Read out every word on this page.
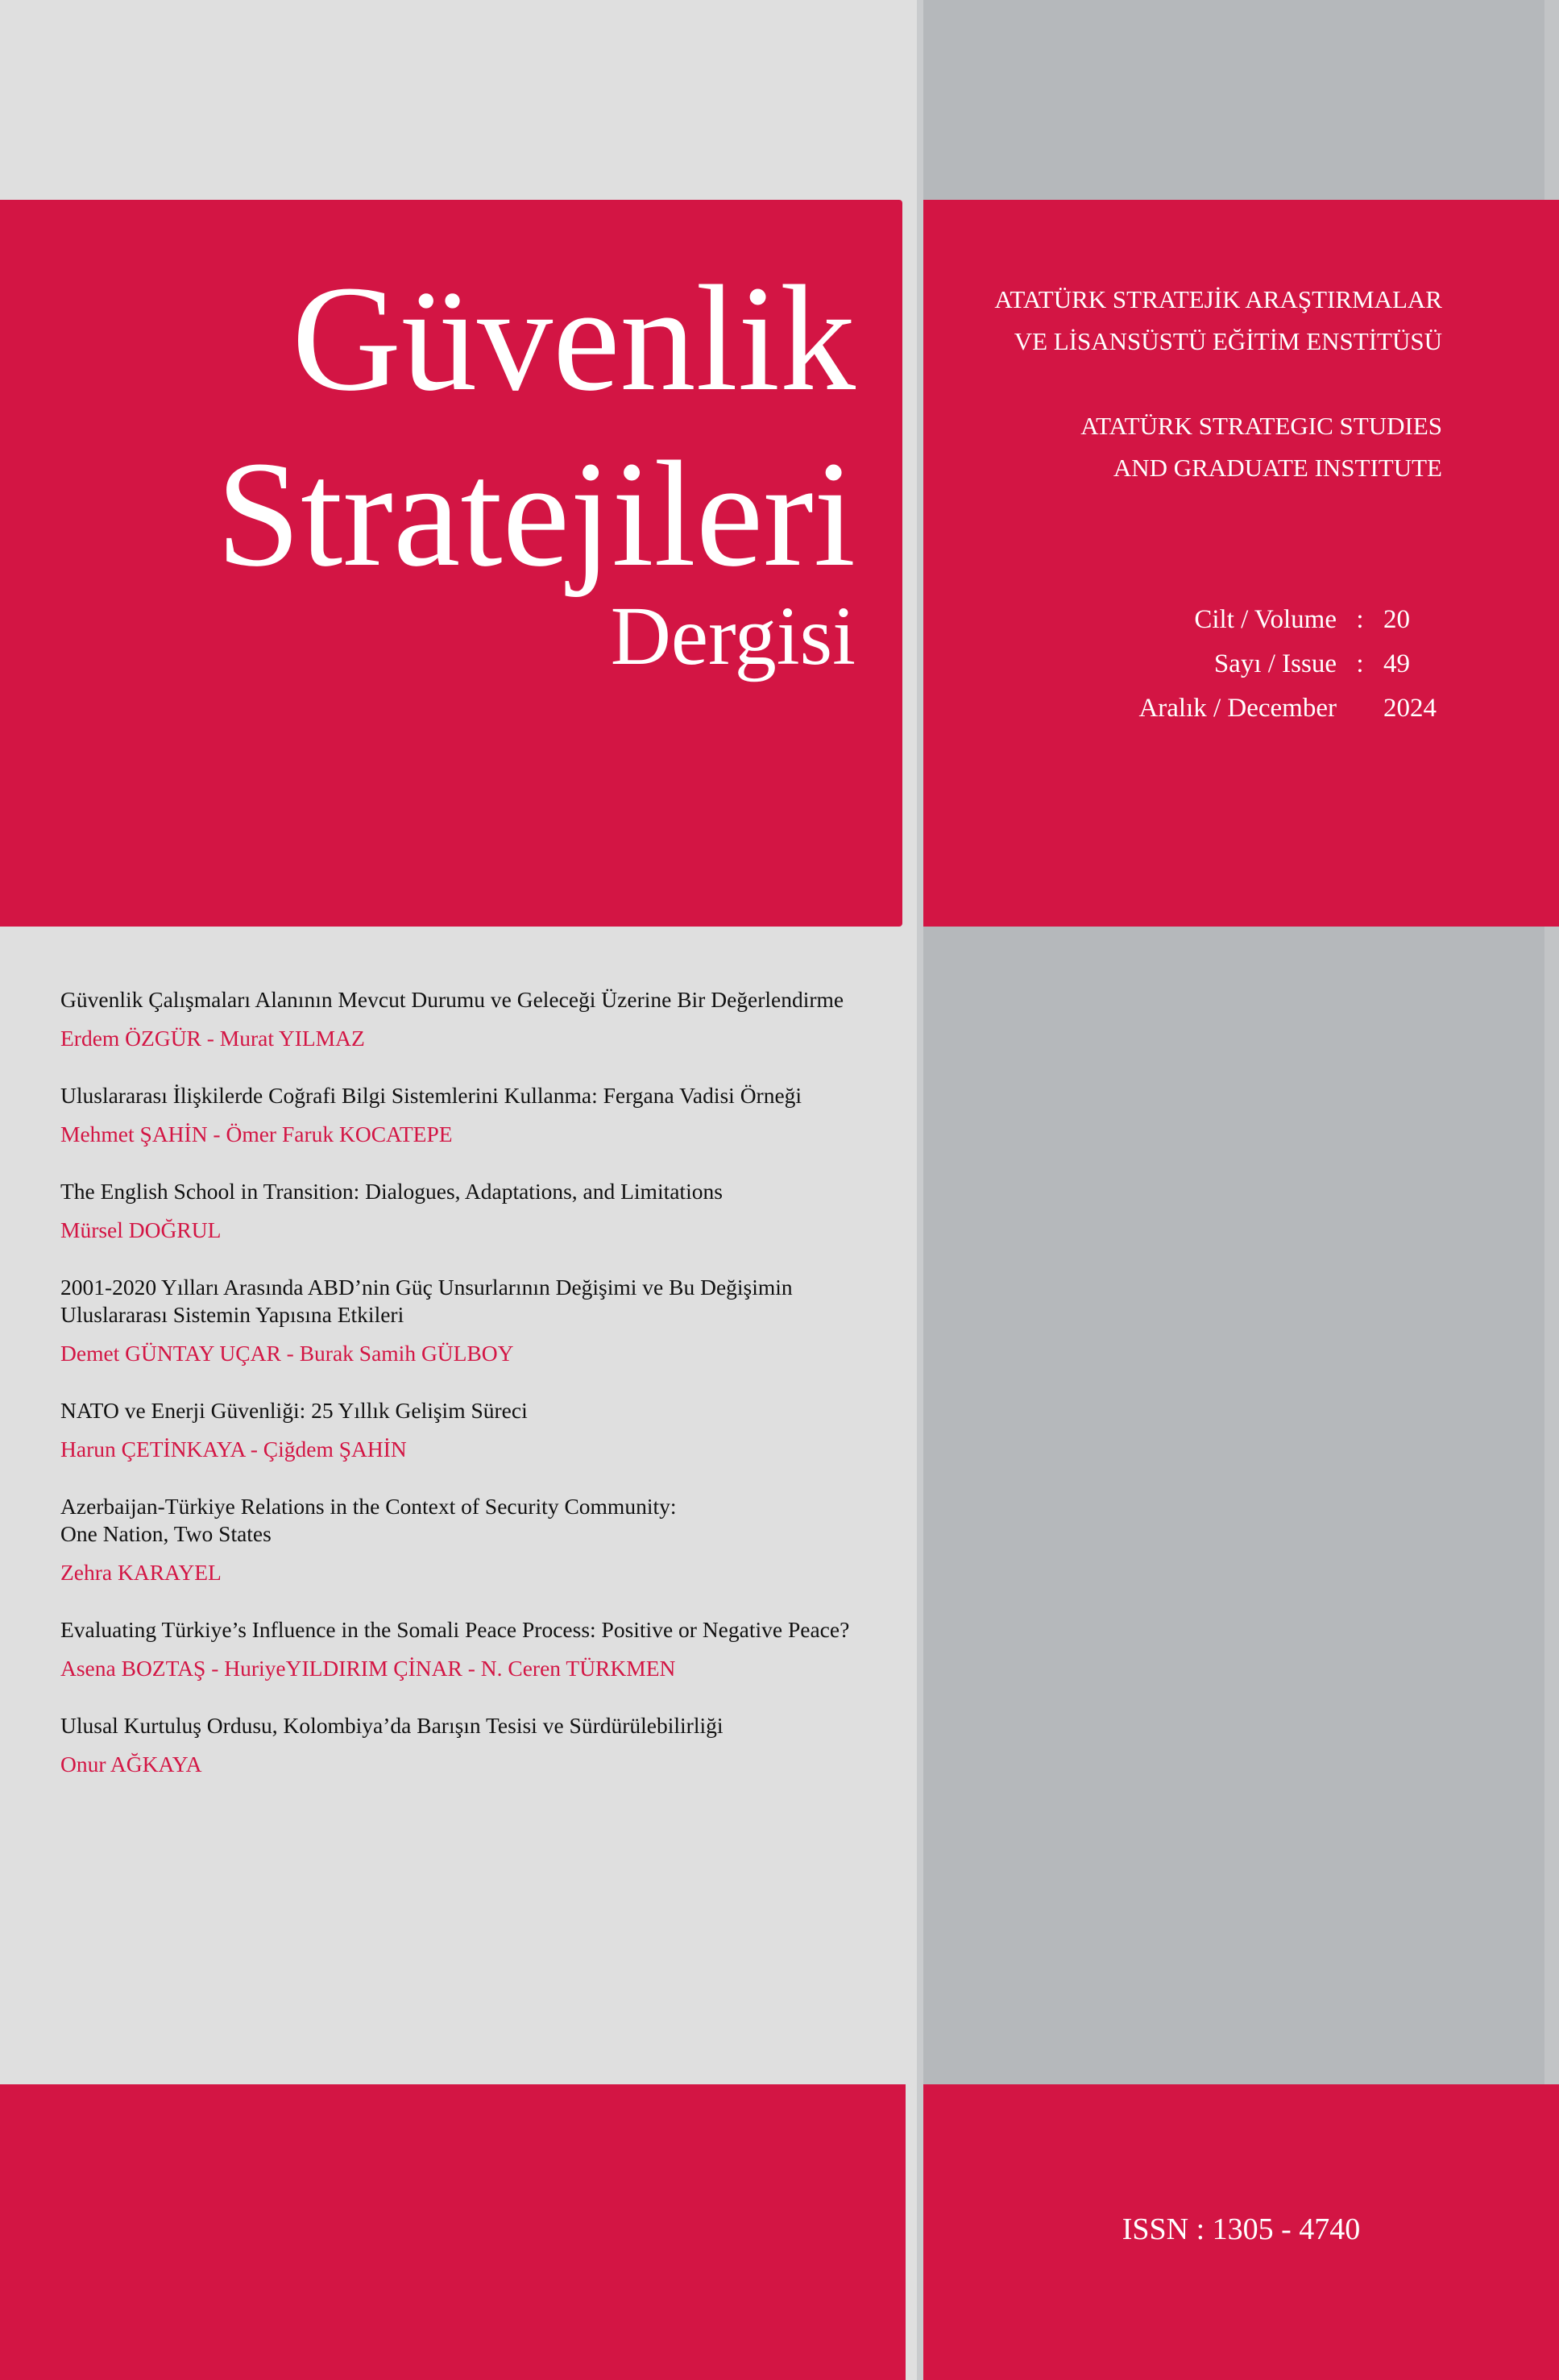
Güvenlik
Stratejileri
Dergisi
ATATÜRK STRATEJİK ARAŞTIRMALAR
VE LİSANSÜSTÜ EĞİTİM ENSTİTÜSÜ
ATATÜRK STRATEGIC STUDIES
AND GRADUATE INSTITUTE
Cilt / Volume	:	20
Sayı / Issue	:	49
Aralık / December		2024
Güvenlik Çalışmaları Alanının Mevcut Durumu ve Geleceği Üzerine Bir Değerlendirme
Erdem ÖZGÜR - Murat YILMAZ
Uluslararası İlişkilerde Coğrafi Bilgi Sistemlerini Kullanma: Fergana Vadisi Örneği
Mehmet ŞAHİN - Ömer Faruk KOCATEPE
The English School in Transition: Dialogues, Adaptations, and Limitations
Mürsel DOĞRUL
2001-2020 Yılları Arasında ABD’nin Güç Unsurlarının Değişimi ve Bu Değişimin
Uluslararası Sistemin Yapısına Etkileri
Demet GÜNTAY UÇAR - Burak Samih GÜLBOY
NATO ve Enerji Güvenliği: 25 Yıllık Gelişim Süreci
Harun ÇETİNKAYA - Çiğdem ŞAHİN
Azerbaijan-Türkiye Relations in the Context of Security Community:
One Nation, Two States
Zehra KARAYEL
Evaluating Türkiye’s Influence in the Somali Peace Process: Positive or Negative Peace?
Asena BOZTAŞ - HuriyeYILDIRIM ÇİNAR - N. Ceren TÜRKMEN
Ulusal Kurtuluş Ordusu, Kolombiya’da Barışın Tesisi ve Sürdürülebilirliği
Onur AĞKAYA
ISSN : 1305 - 4740
